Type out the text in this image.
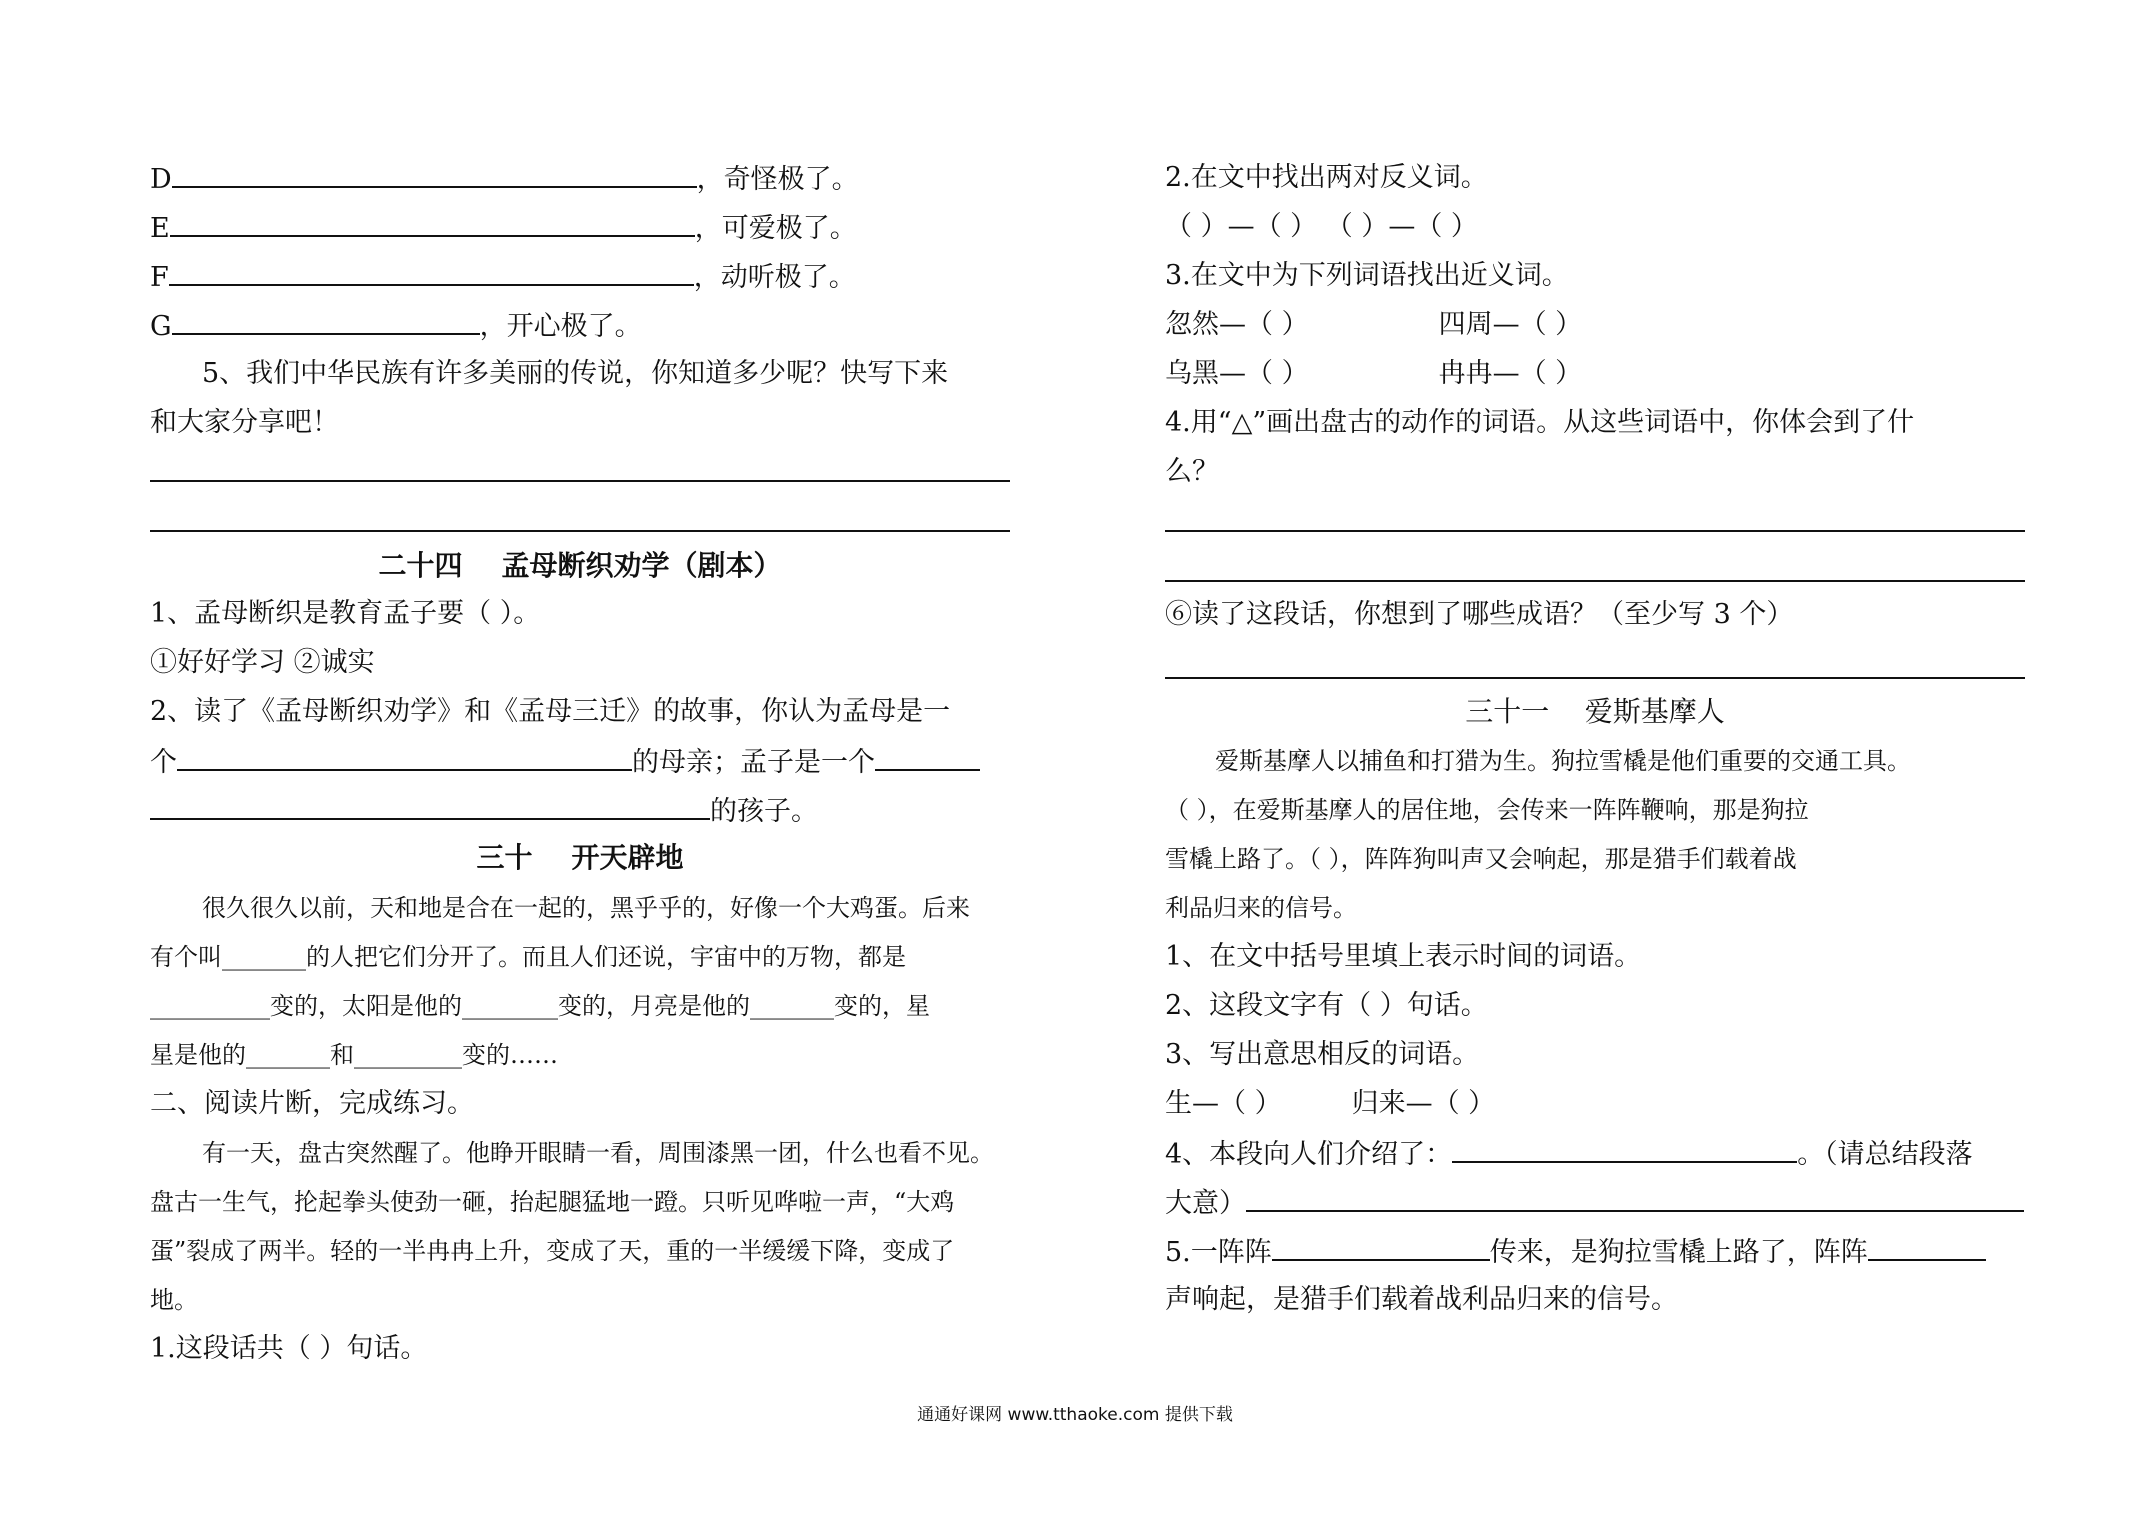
D	，奇怪极了。
E	，可爱极了。
F	，动听极了。
G	，开心极了。
5、我们中华民族有许多美丽的传说，你知道多少呢？快写下来
和大家分享吧！
二十四    孟母断织劝学（剧本）
1、孟母断织是教育孟子要（ ）。
①好好学习 ②诚实
2、读了《孟母断织劝学》和《孟母三迁》的故事，你认为孟母是一
个	的母亲；孟子是一个
的孩子。
三十    开天辟地
很久很久以前，天和地是合在一起的，黑乎乎的，好像一个大鸡蛋。后来
有个叫_______的人把它们分开了。而且人们还说，宇宙中的万物，都是
__________变的，太阳是他的________变的，月亮是他的_______变的，星
星是他的_______和_________变的……
二、阅读片断，完成练习。
有一天，盘古突然醒了。他睁开眼睛一看，周围漆黑一团，什么也看不见。
盘古一生气，抡起拳头使劲一砸，抬起腿猛地一蹬。只听见哗啦一声，“大鸡
蛋”裂成了两半。轻的一半冉冉上升，变成了天，重的一半缓缓下降，变成了
地。
1.这段话共（ ）句话。
2.在文中找出两对反义词。
（ ）—（ ） （ ）—（ ）
3.在文中为下列词语找出近义词。
忽然—（ ）	四周—（ ）
乌黑—（ ）	冉冉—（ ）
4.用“△”画出盘古的动作的词语。从这些词语中，你体会到了什
么？
⑥读了这段话，你想到了哪些成语？（至少写 3 个）
三十一    爱斯基摩人
爱斯基摩人以捕鱼和打猎为生。狗拉雪橇是他们重要的交通工具。
（ ），在爱斯基摩人的居住地，会传来一阵阵鞭响，那是狗拉
雪橇上路了。（ ），阵阵狗叫声又会响起，那是猎手们载着战
利品归来的信号。
1、在文中括号里填上表示时间的词语。
2、这段文字有（ ）句话。
3、写出意思相反的词语。
生—（ ）	归来—（ ）
4、本段向人们介绍了：	。（请总结段落
大意）
5.一阵阵	传来，是狗拉雪橇上路了，阵阵
声响起，是猎手们载着战利品归来的信号。
通通好课网 www.tthaoke.com 提供下载
